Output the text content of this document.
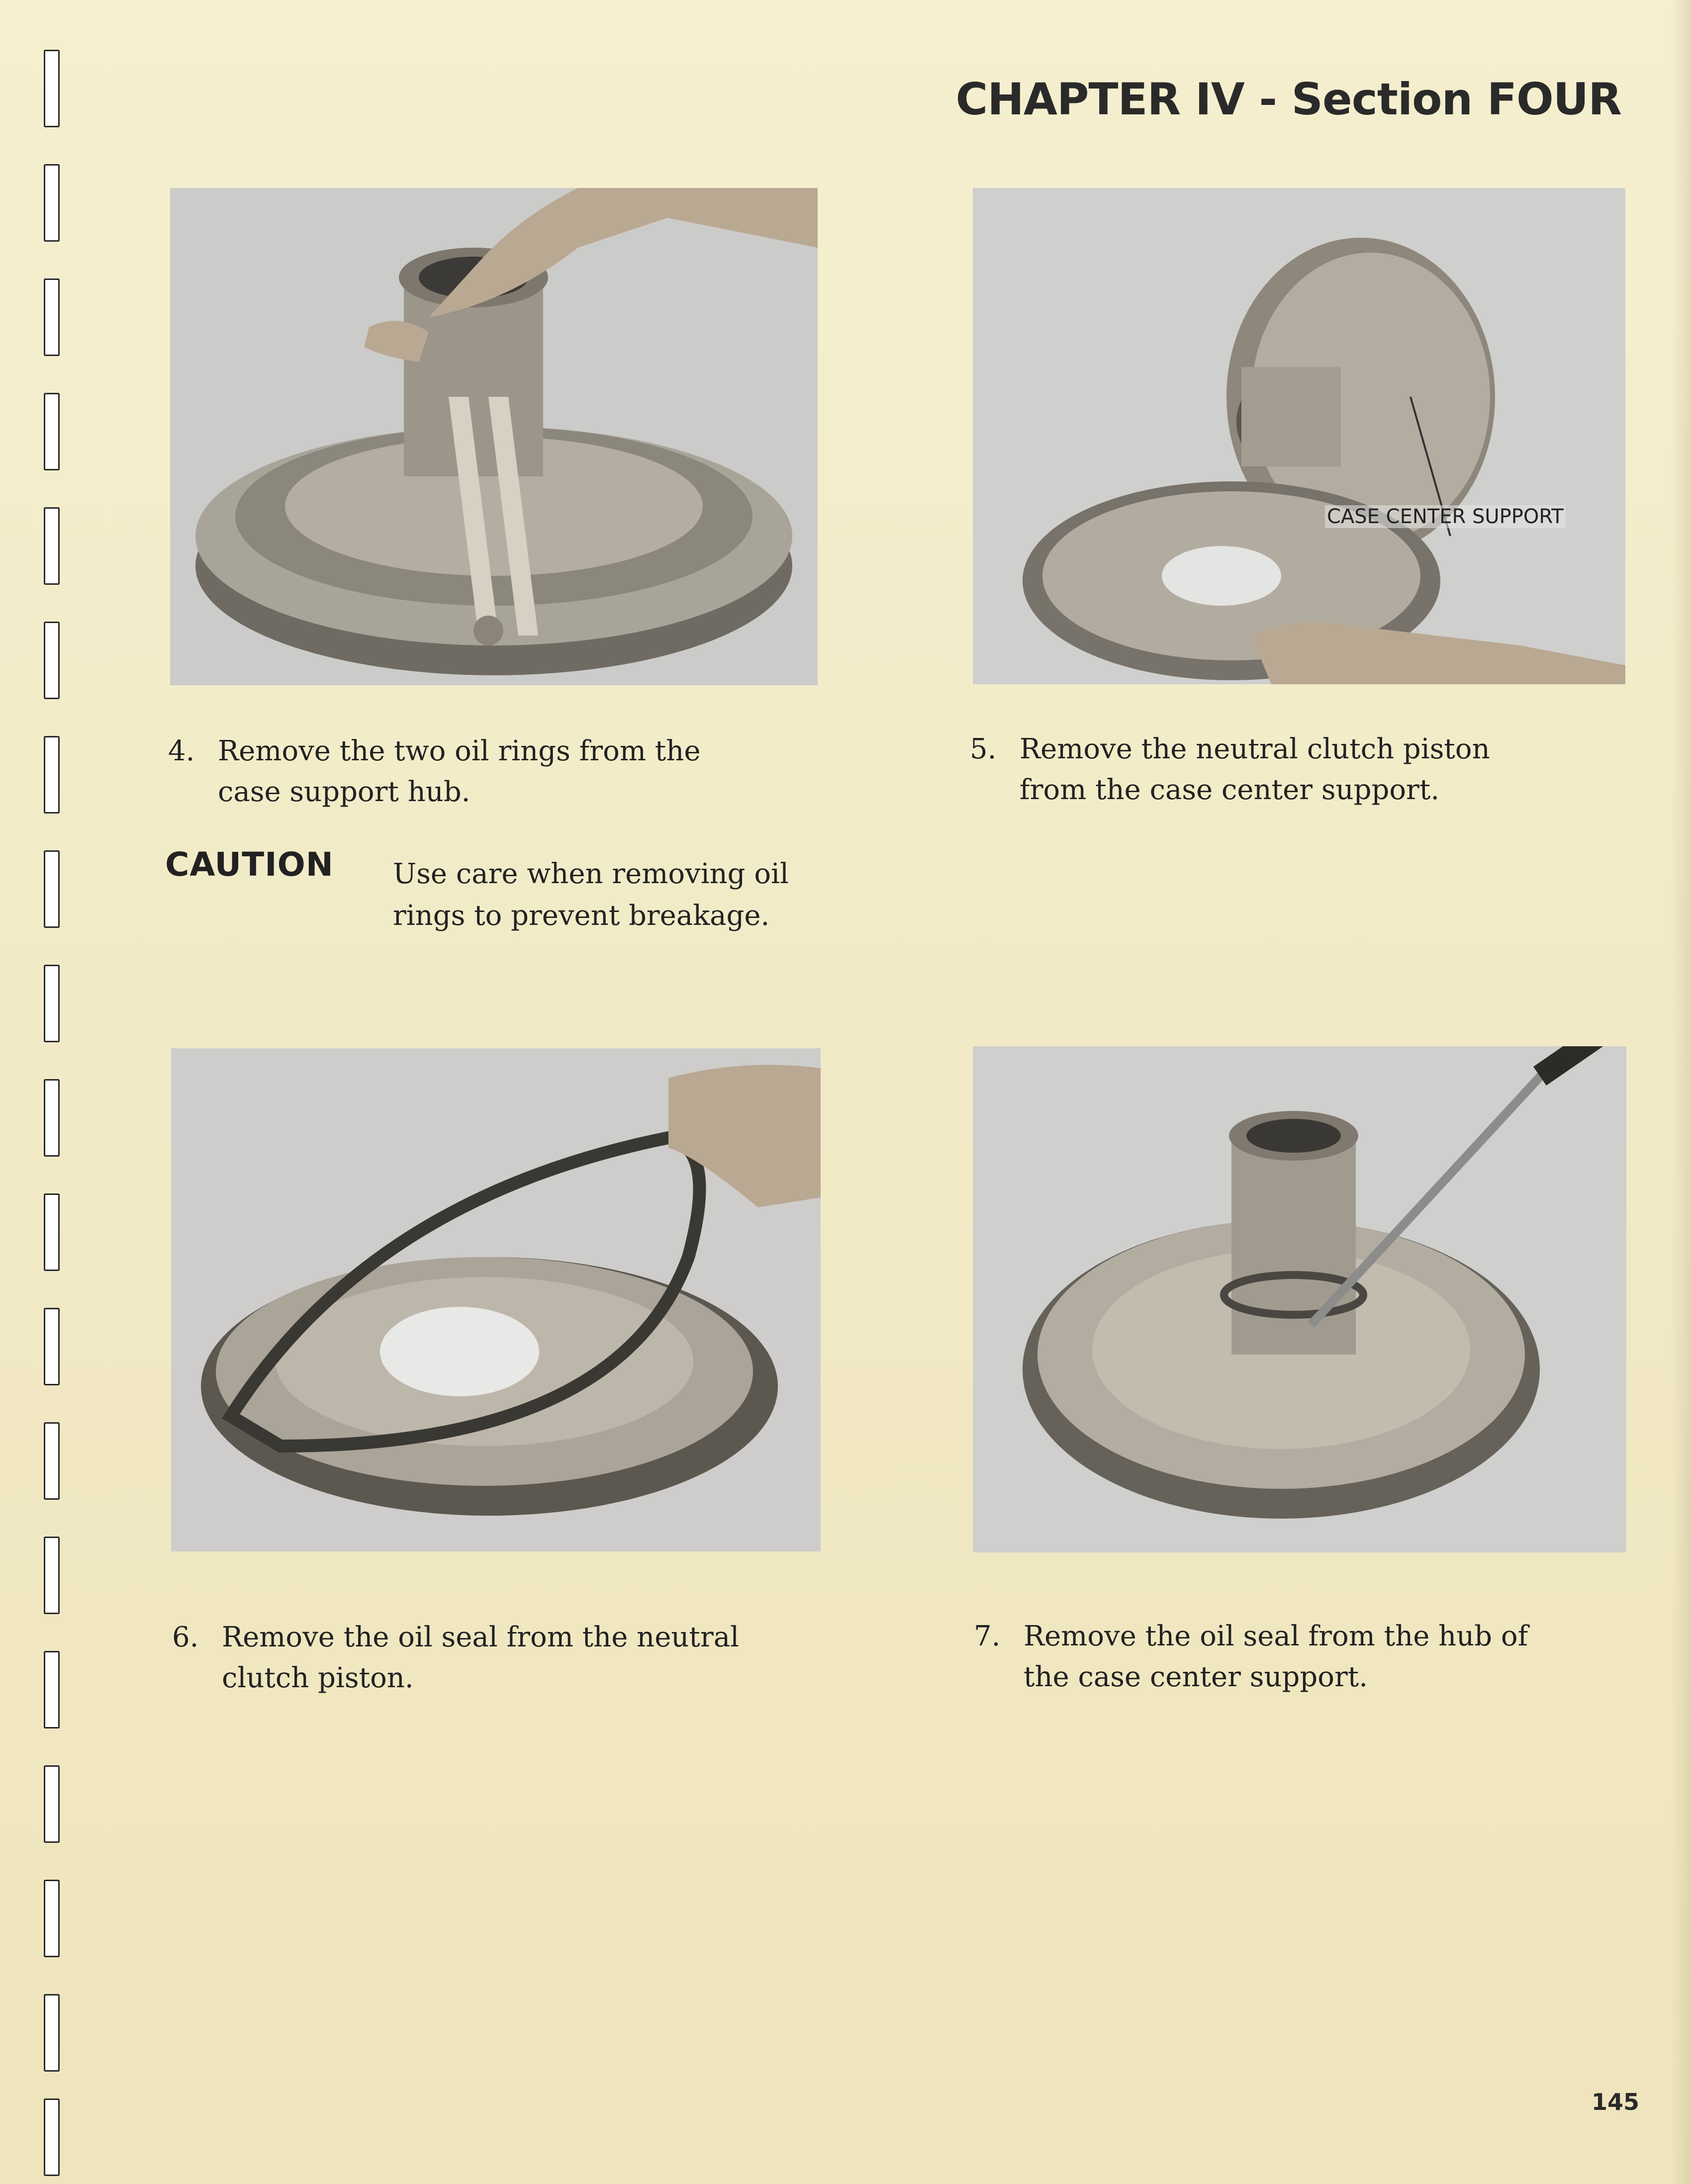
CHAPTER IV - Section FOUR
CASE CENTER SUPPORT
4. Remove the two oil rings from the
case support hub.
5. Remove the neutral clutch piston
from the case center support.
CAUTION Use care when removing oil rings to prevent breakage.
6. Remove the oil seal from the neutral
clutch piston.
7. Remove the oil seal from the hub of
the case center support.
145
